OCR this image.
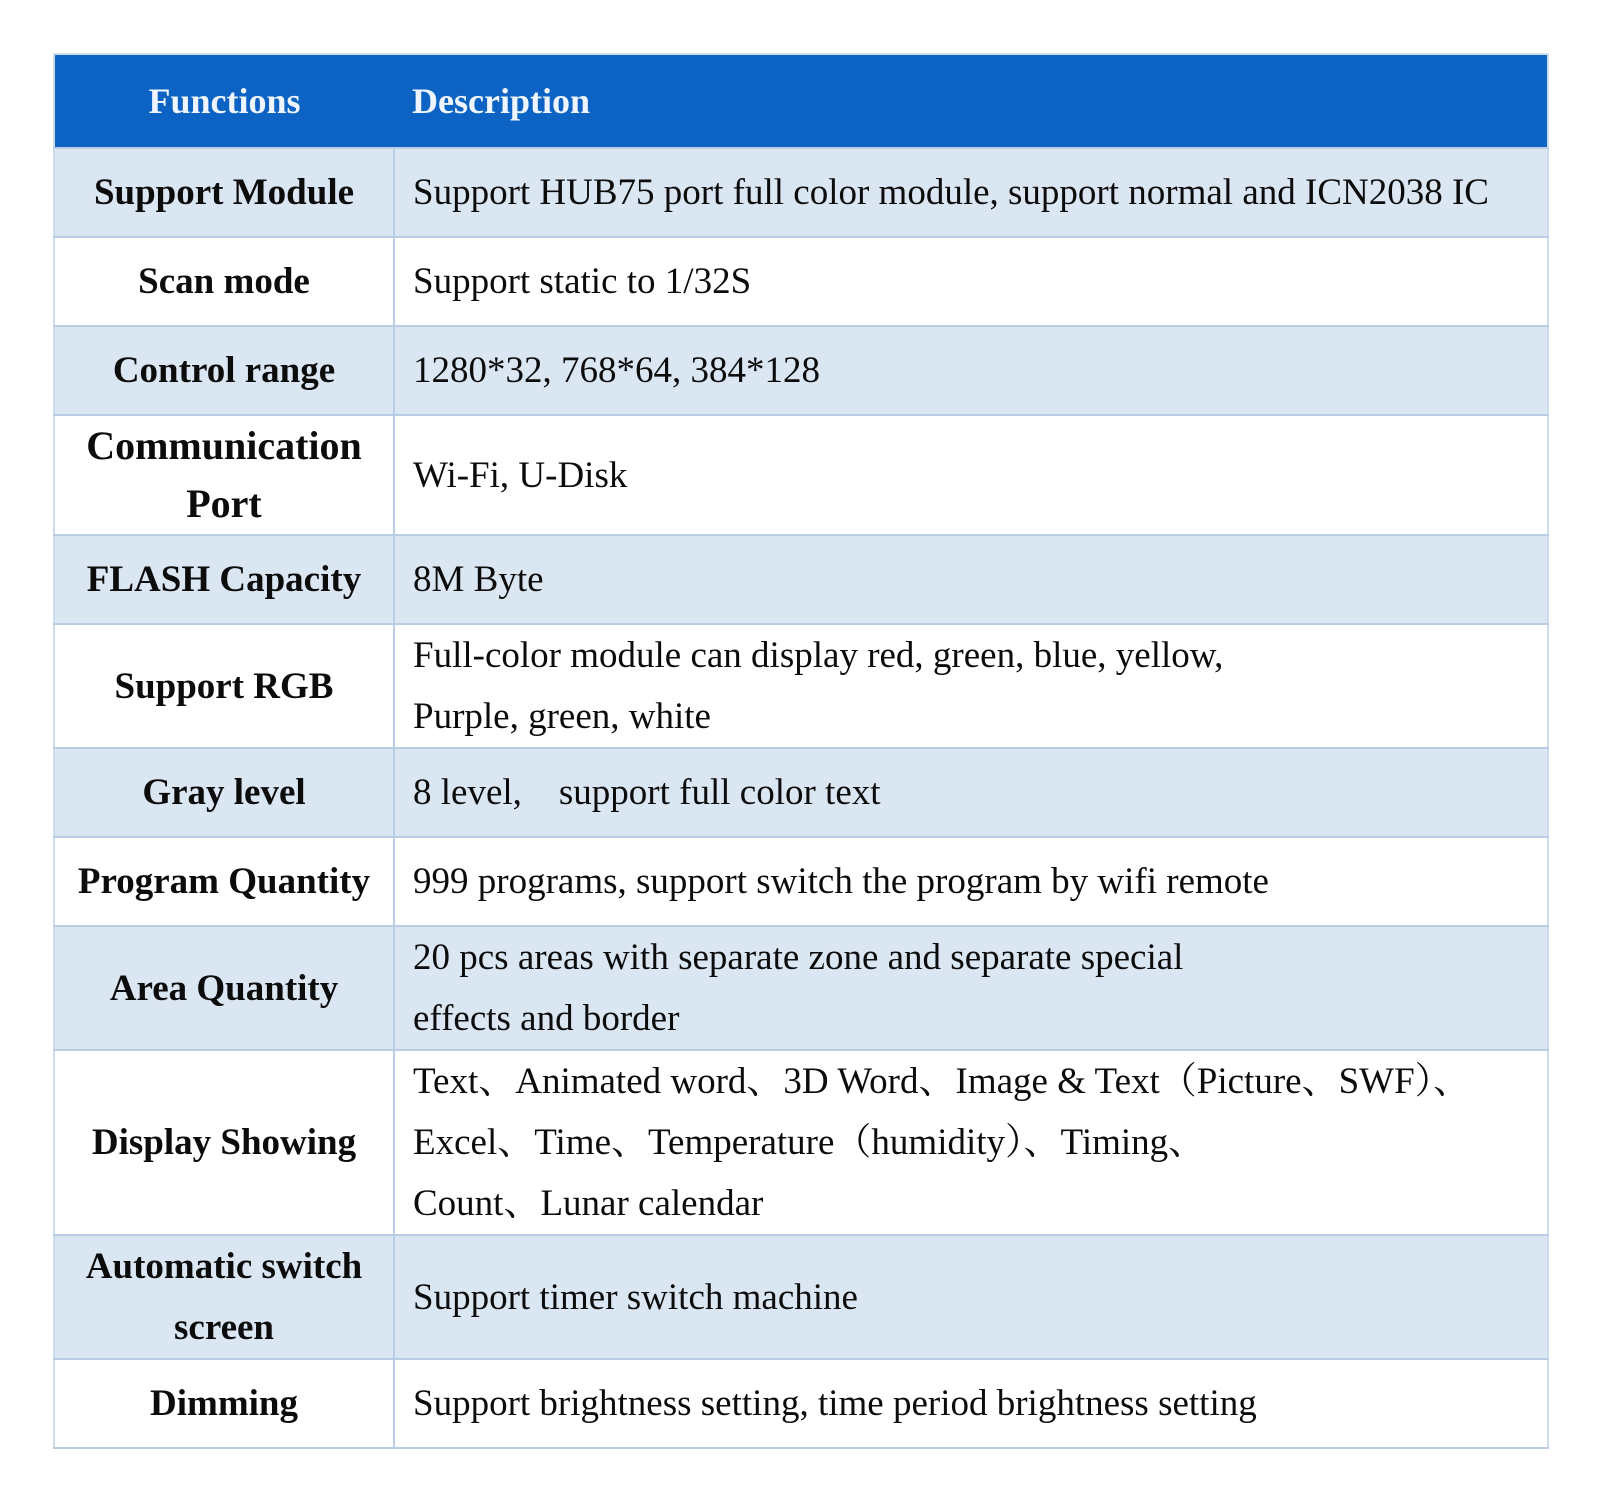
Functions	Description
Support Module	Support HUB75 port full color module, support normal and ICN2038 IC

Scan mode	Support static to 1/32S

Control range	1280*32, 768*64, 384*128

Communication
Port	Wi-Fi, U-Disk

FLASH Capacity	8M Byte

Support RGB	Full-color module can display red, green, blue, yellow,
Purple, green, white

Gray level	8 level,    support full color text

Program Quantity	999 programs, support switch the program by wifi remote

Area Quantity	20 pcs areas with separate zone and separate special
effects and border

Display Showing	Text、Animated word、3D Word、Image & Text（Picture、SWF）、
Excel、Time、Temperature（humidity）、Timing、
Count、Lunar calendar

Automatic switch
screen	Support timer switch machine

Dimming	Support brightness setting, time period brightness setting
